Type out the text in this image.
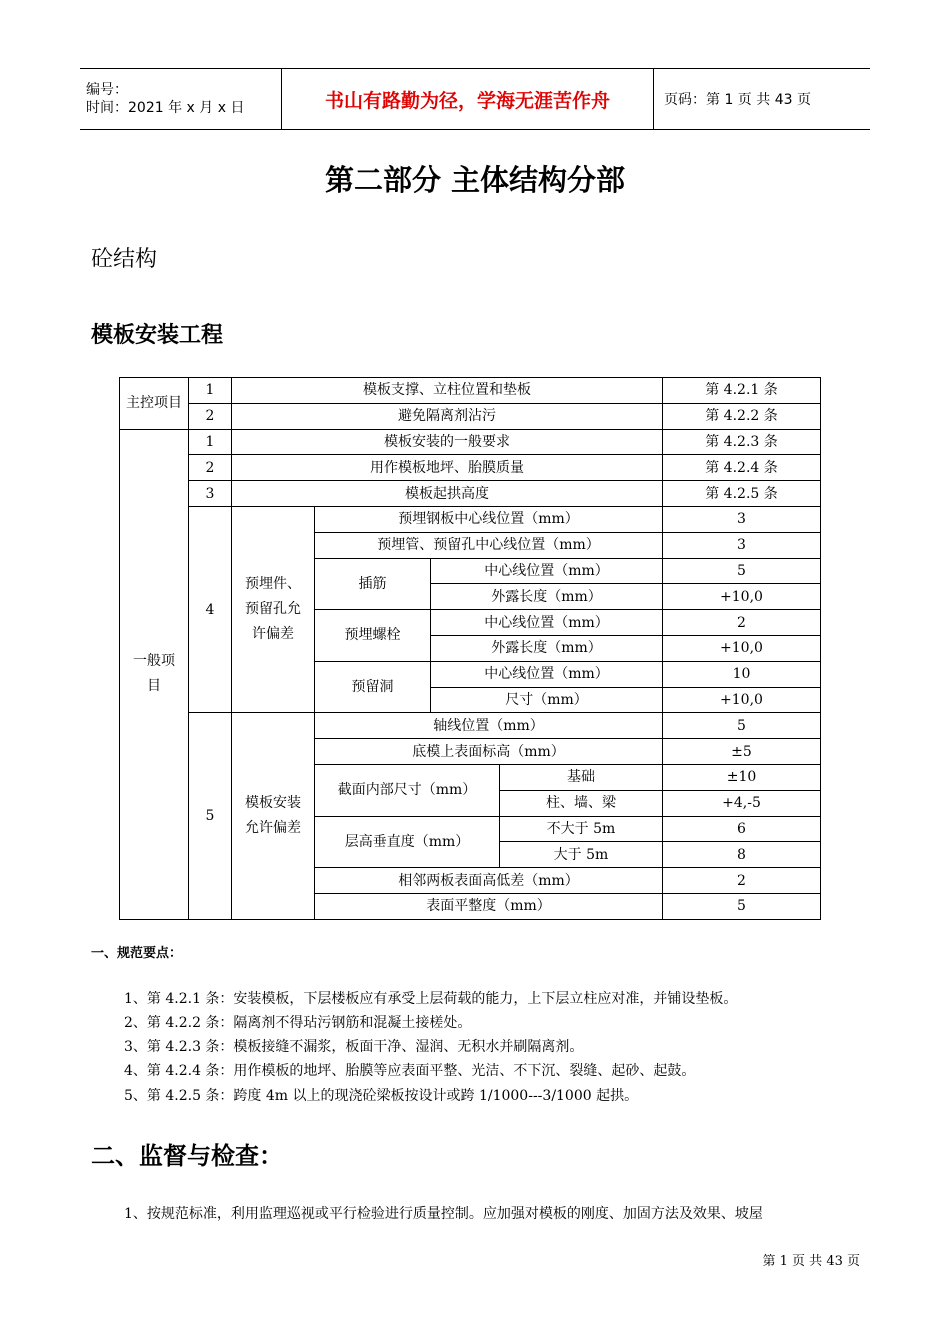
编号：
时间：2021 年 x 月 x 日	书山有路勤为径，学海无涯苦作舟	页码：第 1 页 共 43 页
第二部分 主体结构分部
砼结构
模板安装工程
主控项目	1	模板支撑、立柱位置和垫板				第 4.2.1 条
	2	避免隔离剂沾污				第 4.2.2 条
一般项目	1	模板安装的一般要求				第 4.2.3 条
	2	用作模板地坪、胎膜质量				第 4.2.4 条
	3	模板起拱高度				第 4.2.5 条
	4	预埋件、预留孔允许偏差	预埋钢板中心线位置（mm）			3
			预埋管、预留孔中心线位置（mm）			3
			插筋	中心线位置（mm）		5
				外露长度（mm）		+10,0
			预埋螺栓	中心线位置（mm）		2
				外露长度（mm）		+10,0
			预留洞	中心线位置（mm）		10
				尺寸（mm）		+10,0
	5	模板安装允许偏差	轴线位置（mm）			5
			底模上表面标高（mm）			±5
			截面内部尺寸（mm）		基础	±10
					柱、墙、梁	+4,-5
			层高垂直度（mm）		不大于 5m	6
					大于 5m	8
			相邻两板表面高低差（mm）			2
			表面平整度（mm）			5
一、规范要点：
1、第 4.2.1 条：安装模板，下层楼板应有承受上层荷载的能力，上下层立柱应对准，并铺设垫板。
2、第 4.2.2 条：隔离剂不得玷污钢筋和混凝土接槎处。
3、第 4.2.3 条：模板接缝不漏浆，板面干净、湿润、无积水并刷隔离剂。
4、第 4.2.4 条：用作模板的地坪、胎膜等应表面平整、光洁、不下沉、裂缝、起砂、起鼓。
5、第 4.2.5 条：跨度 4m 以上的现浇砼梁板按设计或跨 1/1000---3/1000 起拱。
二、监督与检查：
1、按规范标准，利用监理巡视或平行检验进行质量控制。应加强对模板的刚度、加固方法及效果、坡屋
第 1 页 共 43 页
